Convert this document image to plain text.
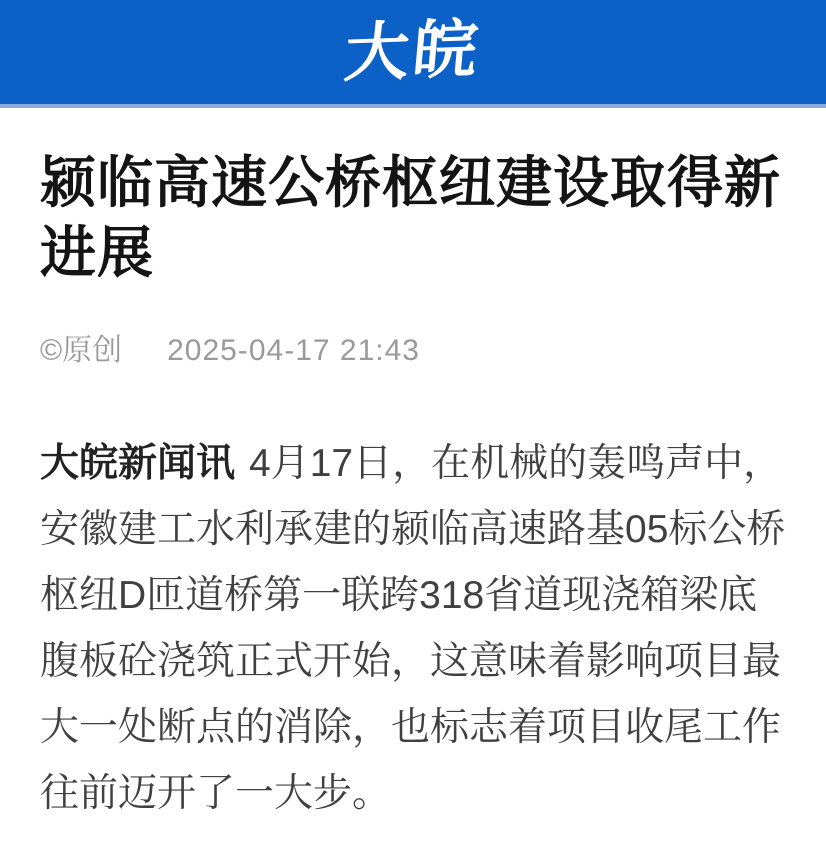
大皖
颍临高速公桥枢纽建设取得新进展
©原创 2025-04-17 21:43

大皖新闻讯 4月17日，在机械的轰鸣声中，安徽建工水利承建的颍临高速路基05标公桥枢纽D匝道桥第一联跨318省道现浇箱梁底腹板砼浇筑正式开始，这意味着影响项目最大一处断点的消除，也标志着项目收尾工作往前迈开了一大步。
